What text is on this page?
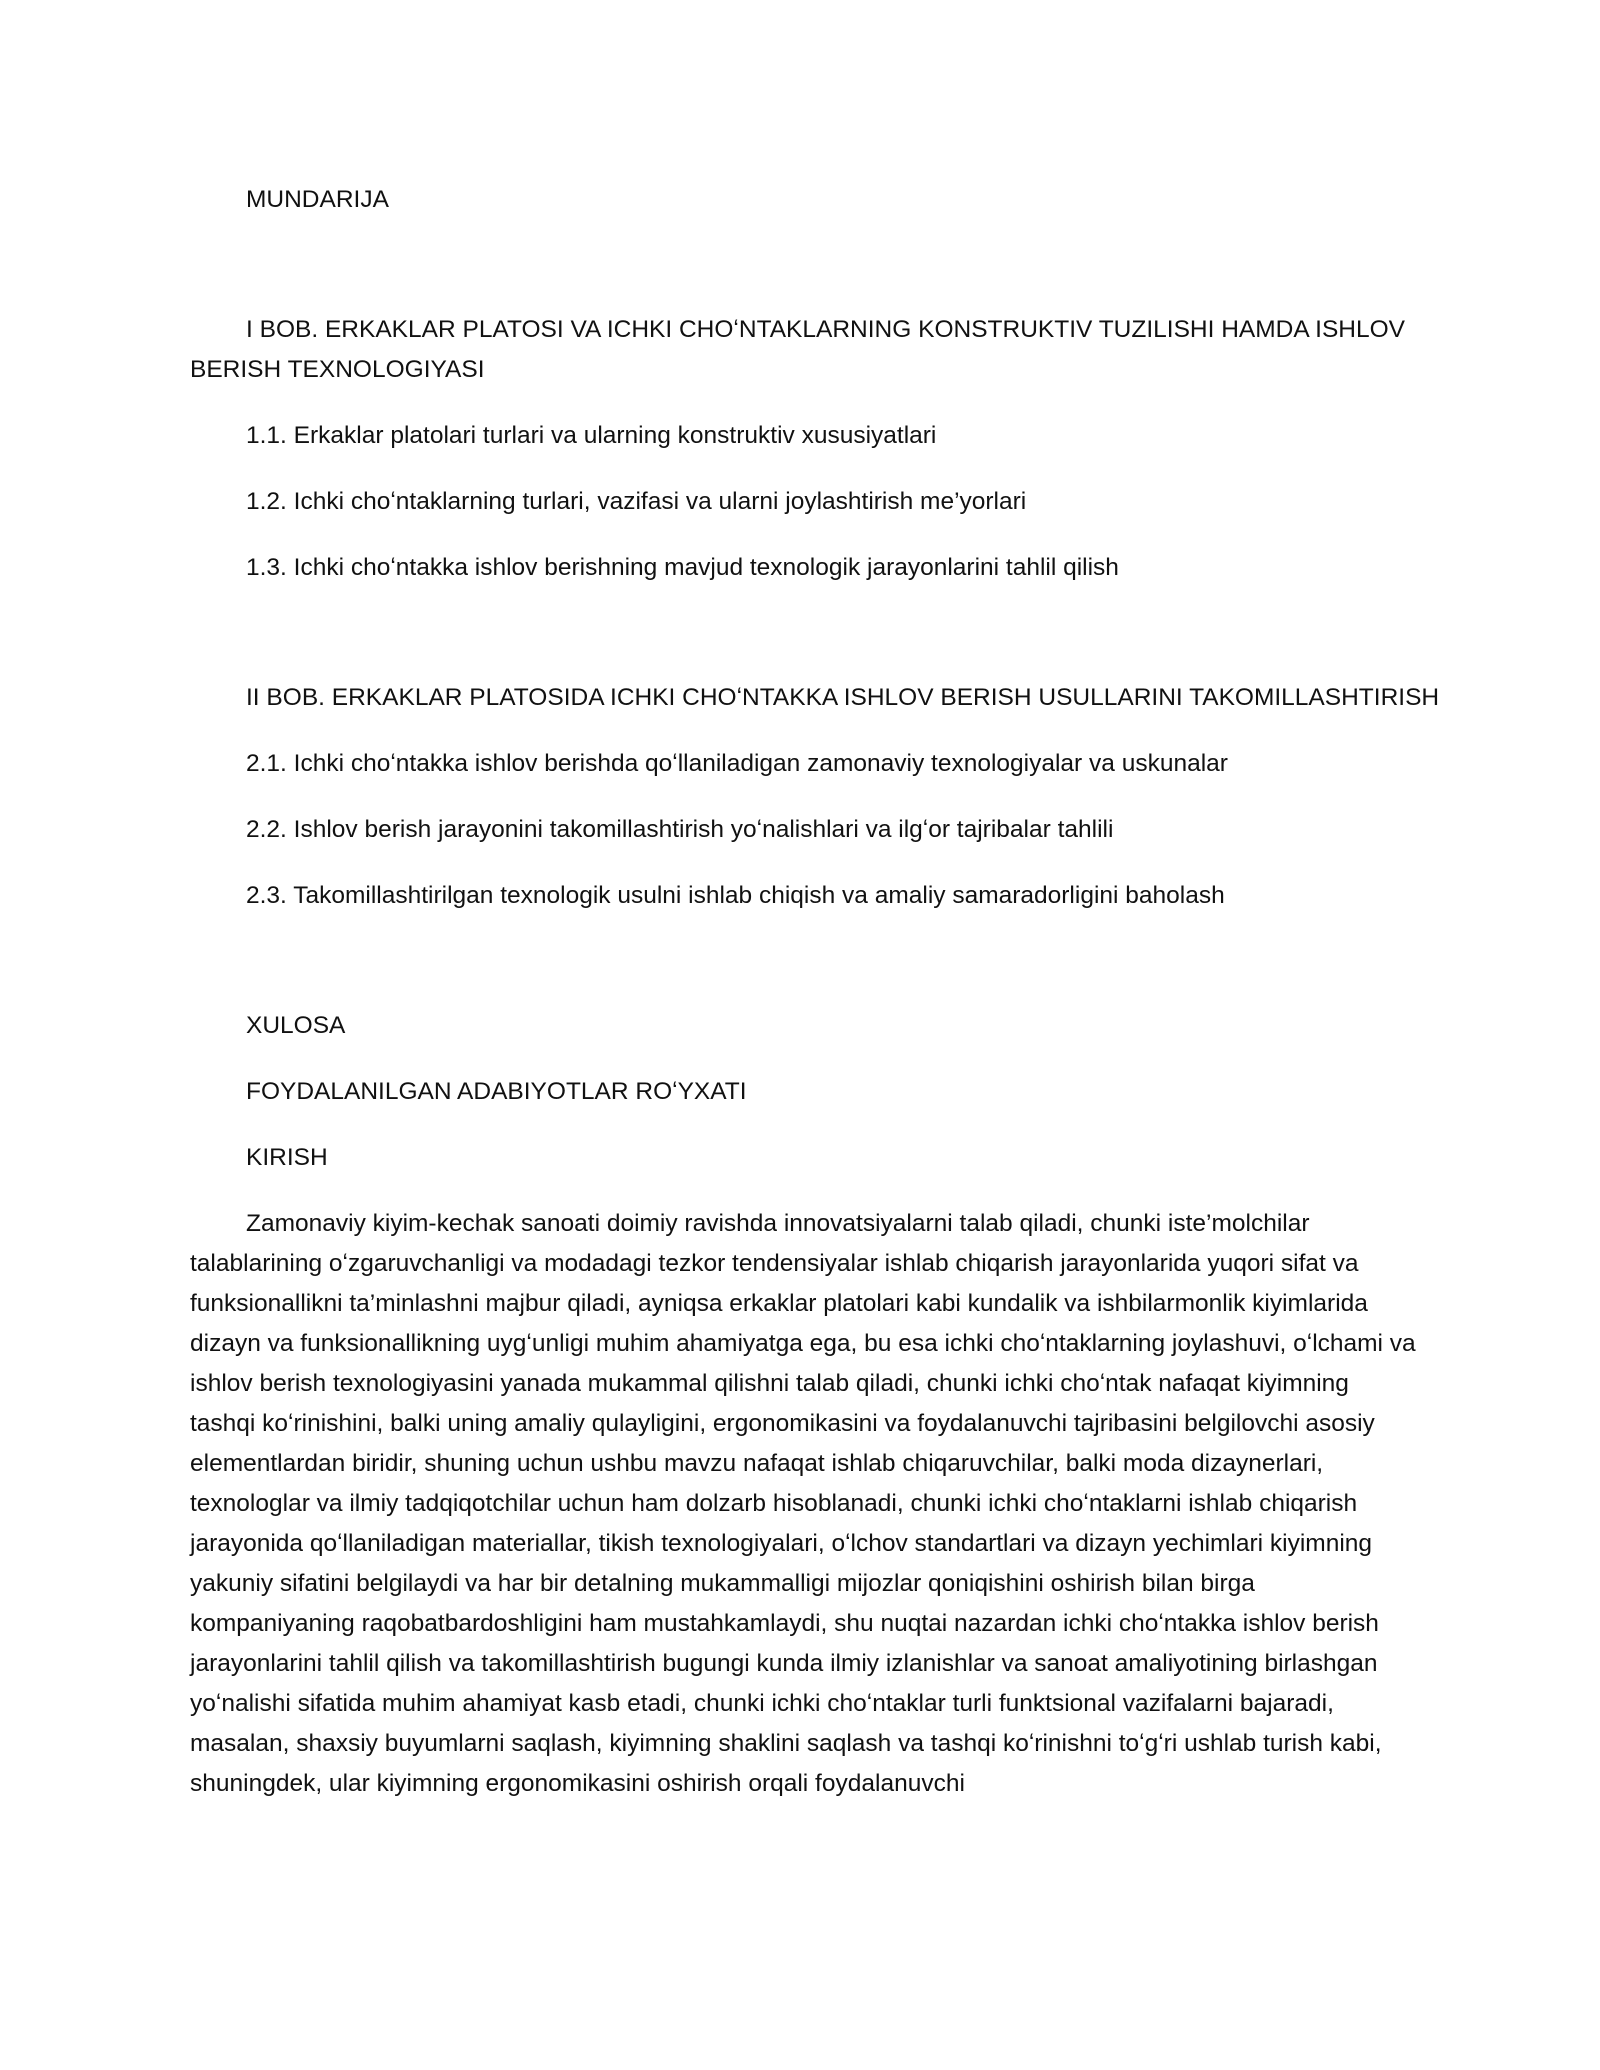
MUNDARIJA

I BOB. ERKAKLAR PLATOSI VA ICHKI CHOʻNTAKLARNING KONSTRUKTIV TUZILISHI HAMDA ISHLOV BERISH TEXNOLOGIYASI

1.1. Erkaklar platolari turlari va ularning konstruktiv xususiyatlari

1.2. Ichki choʻntaklarning turlari, vazifasi va ularni joylashtirish me’yorlari

1.3. Ichki choʻntakka ishlov berishning mavjud texnologik jarayonlarini tahlil qilish

II BOB. ERKAKLAR PLATOSIDA ICHKI CHOʻNTAKKA ISHLOV BERISH USULLARINI TAKOMILLASHTIRISH

2.1. Ichki choʻntakka ishlov berishda qoʻllaniladigan zamonaviy texnologiyalar va uskunalar

2.2. Ishlov berish jarayonini takomillashtirish yoʻnalishlari va ilgʻor tajribalar tahlili

2.3. Takomillashtirilgan texnologik usulni ishlab chiqish va amaliy samaradorligini baholash

XULOSA

FOYDALANILGAN ADABIYOTLAR ROʻYXATI

KIRISH

Zamonaviy kiyim-kechak sanoati doimiy ravishda innovatsiyalarni talab qiladi, chunki iste’molchilar talablarining oʻzgaruvchanligi va modadagi tezkor tendensiyalar ishlab chiqarish jarayonlarida yuqori sifat va funksionallikni ta’minlashni majbur qiladi, ayniqsa erkaklar platolari kabi kundalik va ishbilarmonlik kiyimlarida dizayn va funksionallikning uygʻunligi muhim ahamiyatga ega, bu esa ichki choʻntaklarning joylashuvi, oʻlchami va ishlov berish texnologiyasini yanada mukammal qilishni talab qiladi, chunki ichki choʻntak nafaqat kiyimning tashqi koʻrinishini, balki uning amaliy qulayligini, ergonomikasini va foydalanuvchi tajribasini belgilovchi asosiy elementlardan biridir, shuning uchun ushbu mavzu nafaqat ishlab chiqaruvchilar, balki moda dizaynerlari, texnologlar va ilmiy tadqiqotchilar uchun ham dolzarb hisoblanadi, chunki ichki choʻntaklarni ishlab chiqarish jarayonida qoʻllaniladigan materiallar, tikish texnologiyalari, oʻlchov standartlari va dizayn yechimlari kiyimning yakuniy sifatini belgilaydi va har bir detalning mukammalligi mijozlar qoniqishini oshirish bilan birga kompaniyaning raqobatbardoshligini ham mustahkamlaydi, shu nuqtai nazardan ichki choʻntakka ishlov berish jarayonlarini tahlil qilish va takomillashtirish bugungi kunda ilmiy izlanishlar va sanoat amaliyotining birlashgan yoʻnalishi sifatida muhim ahamiyat kasb etadi, chunki ichki choʻntaklar turli funktsional vazifalarni bajaradi, masalan, shaxsiy buyumlarni saqlash, kiyimning shaklini saqlash va tashqi koʻrinishni toʻgʻri ushlab turish kabi, shuningdek, ular kiyimning ergonomikasini oshirish orqali foydalanuvchi
